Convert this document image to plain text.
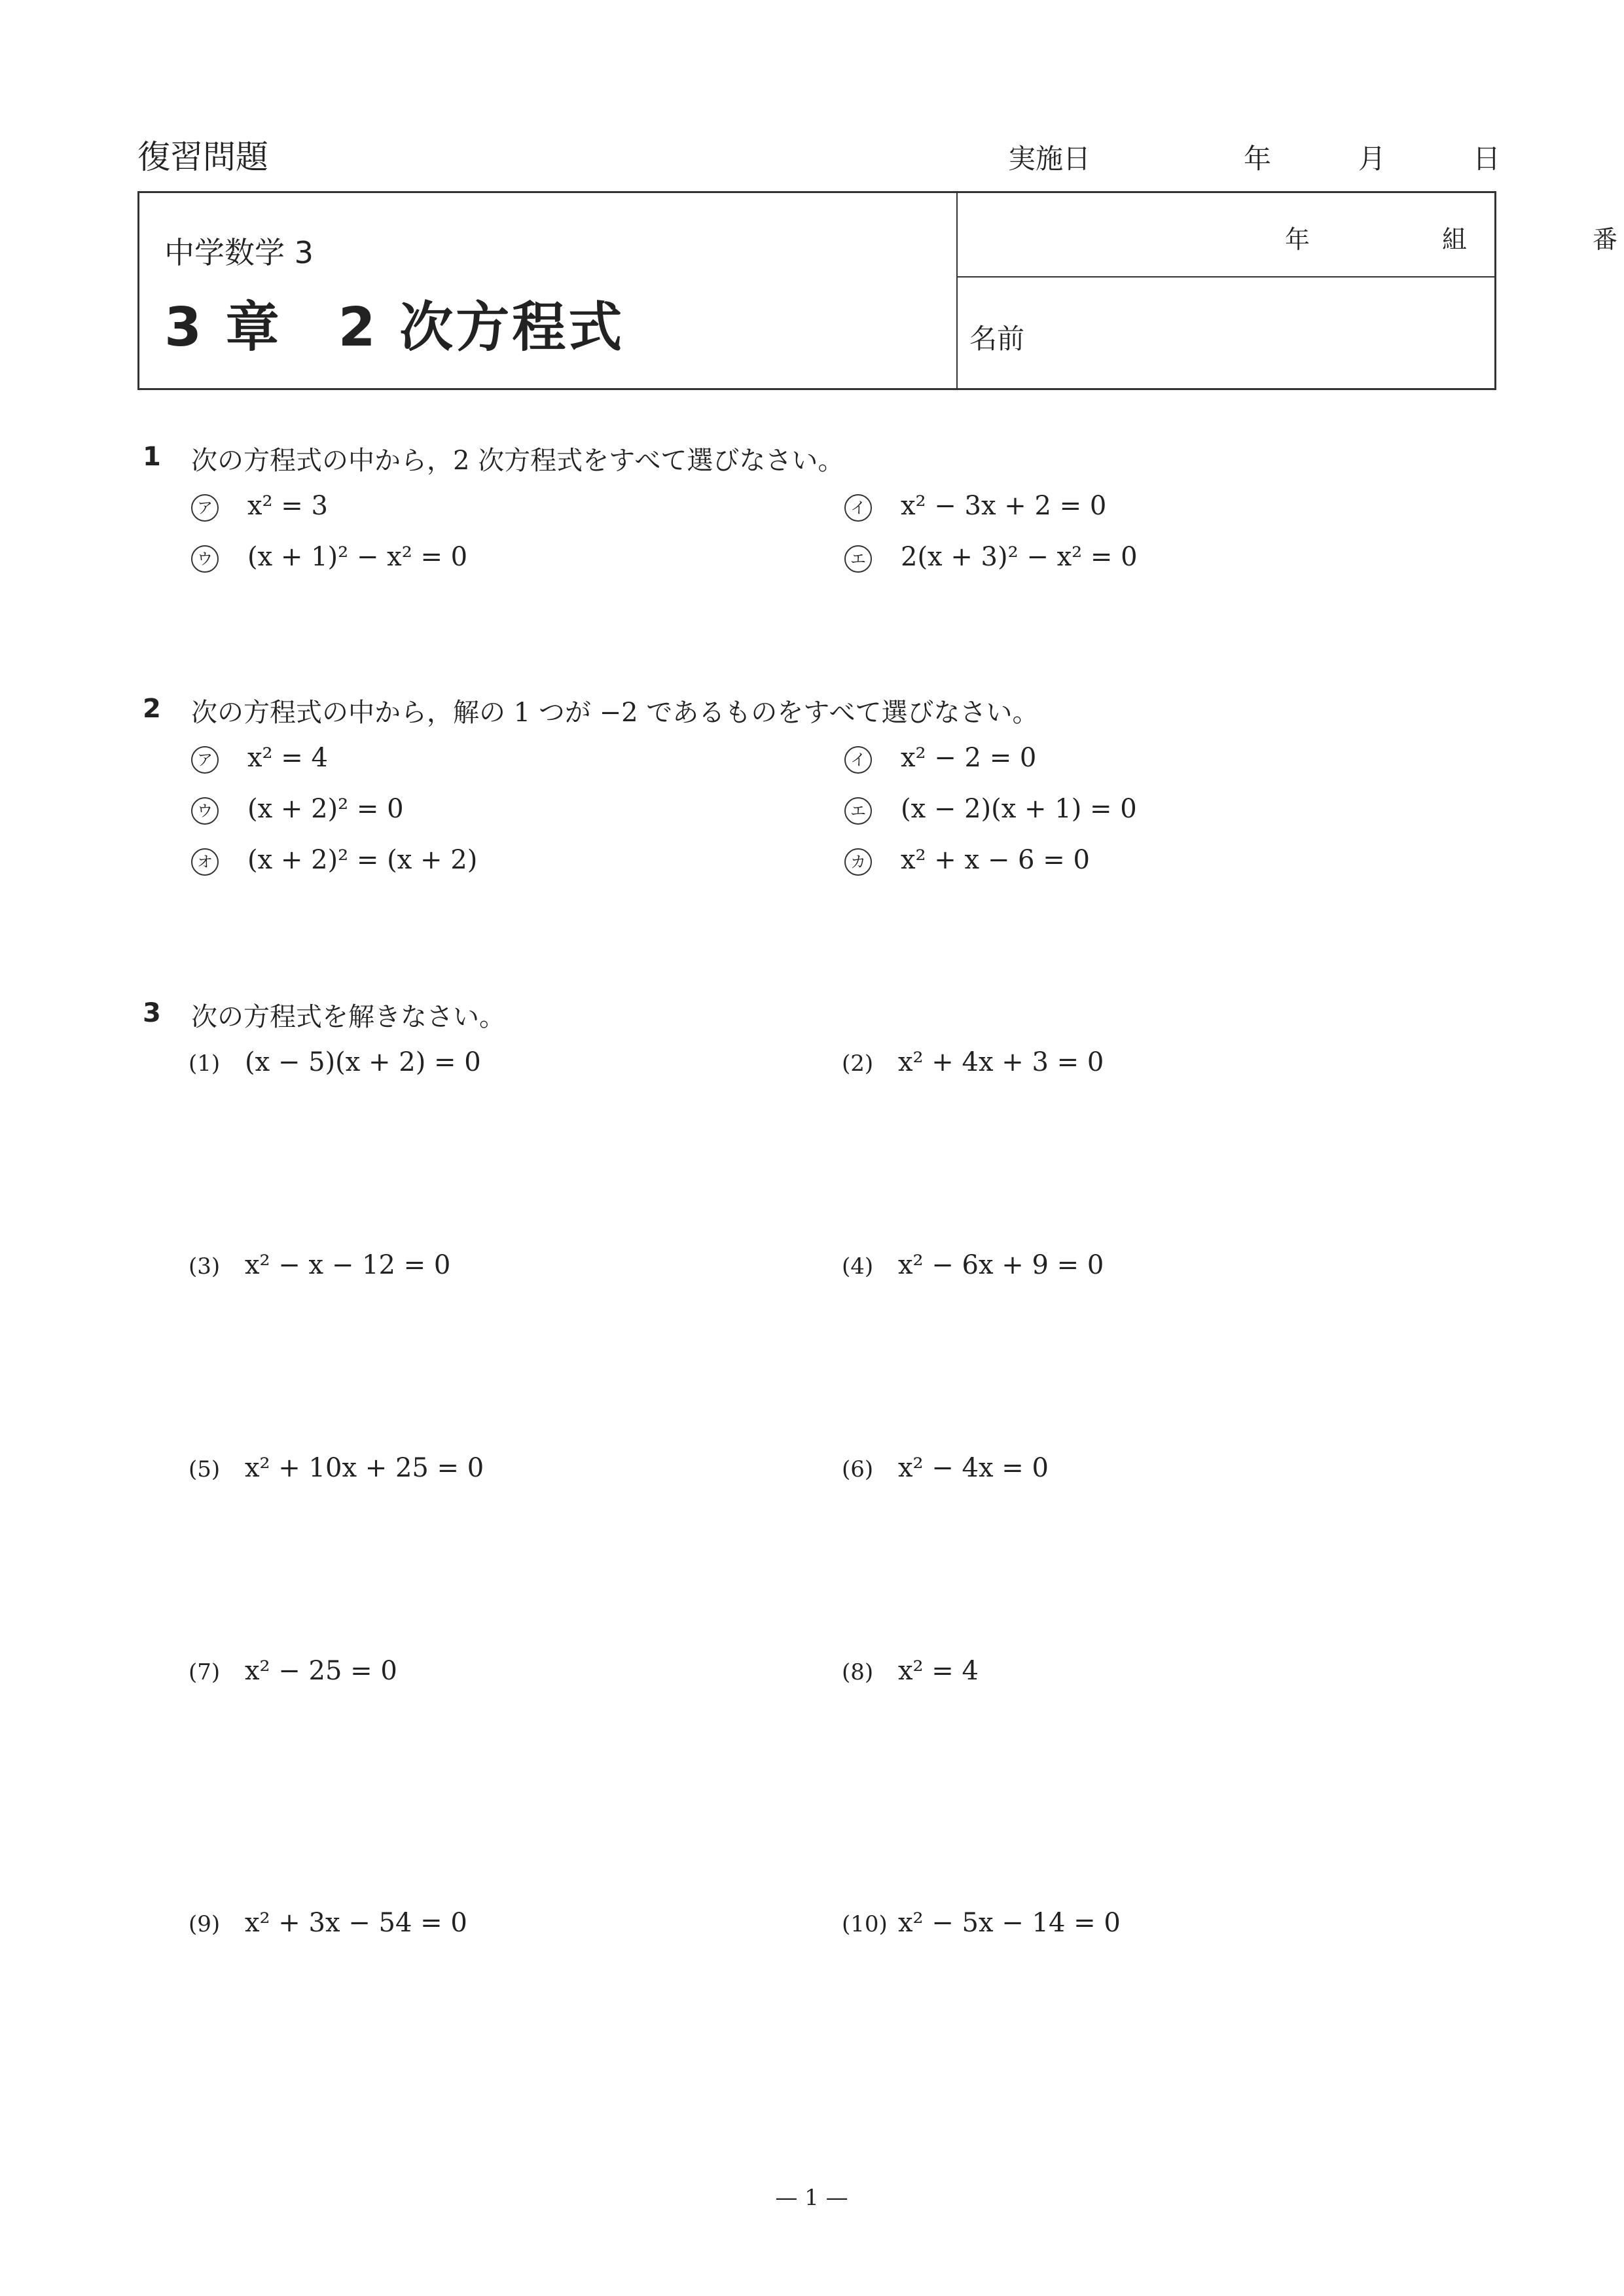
復習問題	実施日	年	月	日
中学数学 3
3 章　2 次方程式
年	組	番
名前
1 次の方程式の中から，2 次方程式をすべて選びなさい。
ア x² = 3	イ x² − 3x + 2 = 0
ウ (x + 1)² − x² = 0	エ 2(x + 3)² − x² = 0
2 次の方程式の中から，解の 1 つが −2 であるものをすべて選びなさい。
ア x² = 4	イ x² − 2 = 0
ウ (x + 2)² = 0	エ (x − 2)(x + 1) = 0
オ (x + 2)² = (x + 2)	カ x² + x − 6 = 0
3 次の方程式を解きなさい。
(1) (x − 5)(x + 2) = 0	(2) x² + 4x + 3 = 0
(3) x² − x − 12 = 0	(4) x² − 6x + 9 = 0
(5) x² + 10x + 25 = 0	(6) x² − 4x = 0
(7) x² − 25 = 0	(8) x² = 4
(9) x² + 3x − 54 = 0	(10) x² − 5x − 14 = 0
— 1 —
